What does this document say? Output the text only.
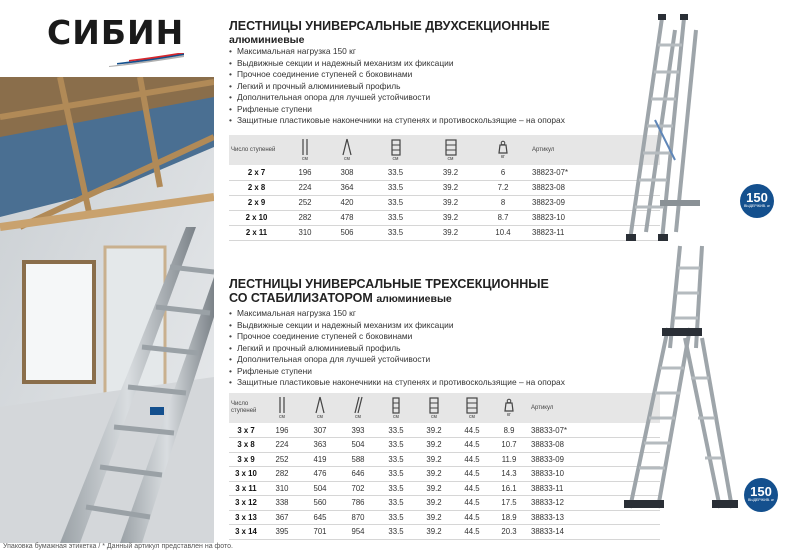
СИБИН
Упаковка бумажная этикетка / * Данный артикул представлен на фото.
ЛЕСТНИЦЫ УНИВЕРСАЛЬНЫЕ ДВУХСЕКЦИОННЫЕ
алюминиевые
• Максимальная нагрузка 150 кг
• Выдвижные секции и надежный механизм их фиксации
• Прочное соединение ступеней с боковинами
• Легкий и прочный алюминиевый профиль
• Дополнительная опора для лучшей устойчивости
• Рифленые ступени
• Защитные пластиковые наконечники на ступенях и противоскользящие – на опорах
Число ступеней	см	см	см	см	кг	Артикул
2 х 7	196	308	33.5	39.2	6	38823-07*
2 х 8	224	364	33.5	39.2	7.2	38823-08
2 х 9	252	420	33.5	39.2	8	38823-09
2 х 10	282	478	33.5	39.2	8.7	38823-10
2 х 11	310	506	33.5	39.2	10.4	38823-11
ЛЕСТНИЦЫ УНИВЕРСАЛЬНЫЕ ТРЕХСЕКЦИОННЫЕ
СО СТАБИЛИЗАТОРОМ алюминиевые
• Максимальная нагрузка 150 кг
• Выдвижные секции и надежный механизм их фиксации
• Прочное соединение ступеней с боковинами
• Легкий и прочный алюминиевый профиль
• Дополнительная опора для лучшей устойчивости
• Рифленые ступени
• Защитные пластиковые наконечники на ступенях и противоскользящие – на опорах
Число ступеней	см	см	см	см	см	см	кг	Артикул
3 х 7	196	307	393	33.5	39.2	44.5	8.9	38833-07*
3 х 8	224	363	504	33.5	39.2	44.5	10.7	38833-08
3 х 9	252	419	588	33.5	39.2	44.5	11.9	38833-09
3 х 10	282	476	646	33.5	39.2	44.5	14.3	38833-10
3 х 11	310	504	702	33.5	39.2	44.5	16.1	38833-11
3 х 12	338	560	786	33.5	39.2	44.5	17.5	38833-12
3 х 13	367	645	870	33.5	39.2	44.5	18.9	38833-13
3 х 14	395	701	954	33.5	39.2	44.5	20.3	38833-14
150
ВЫДЕРЖИВ. кг
150
ВЫДЕРЖИВ. кг
